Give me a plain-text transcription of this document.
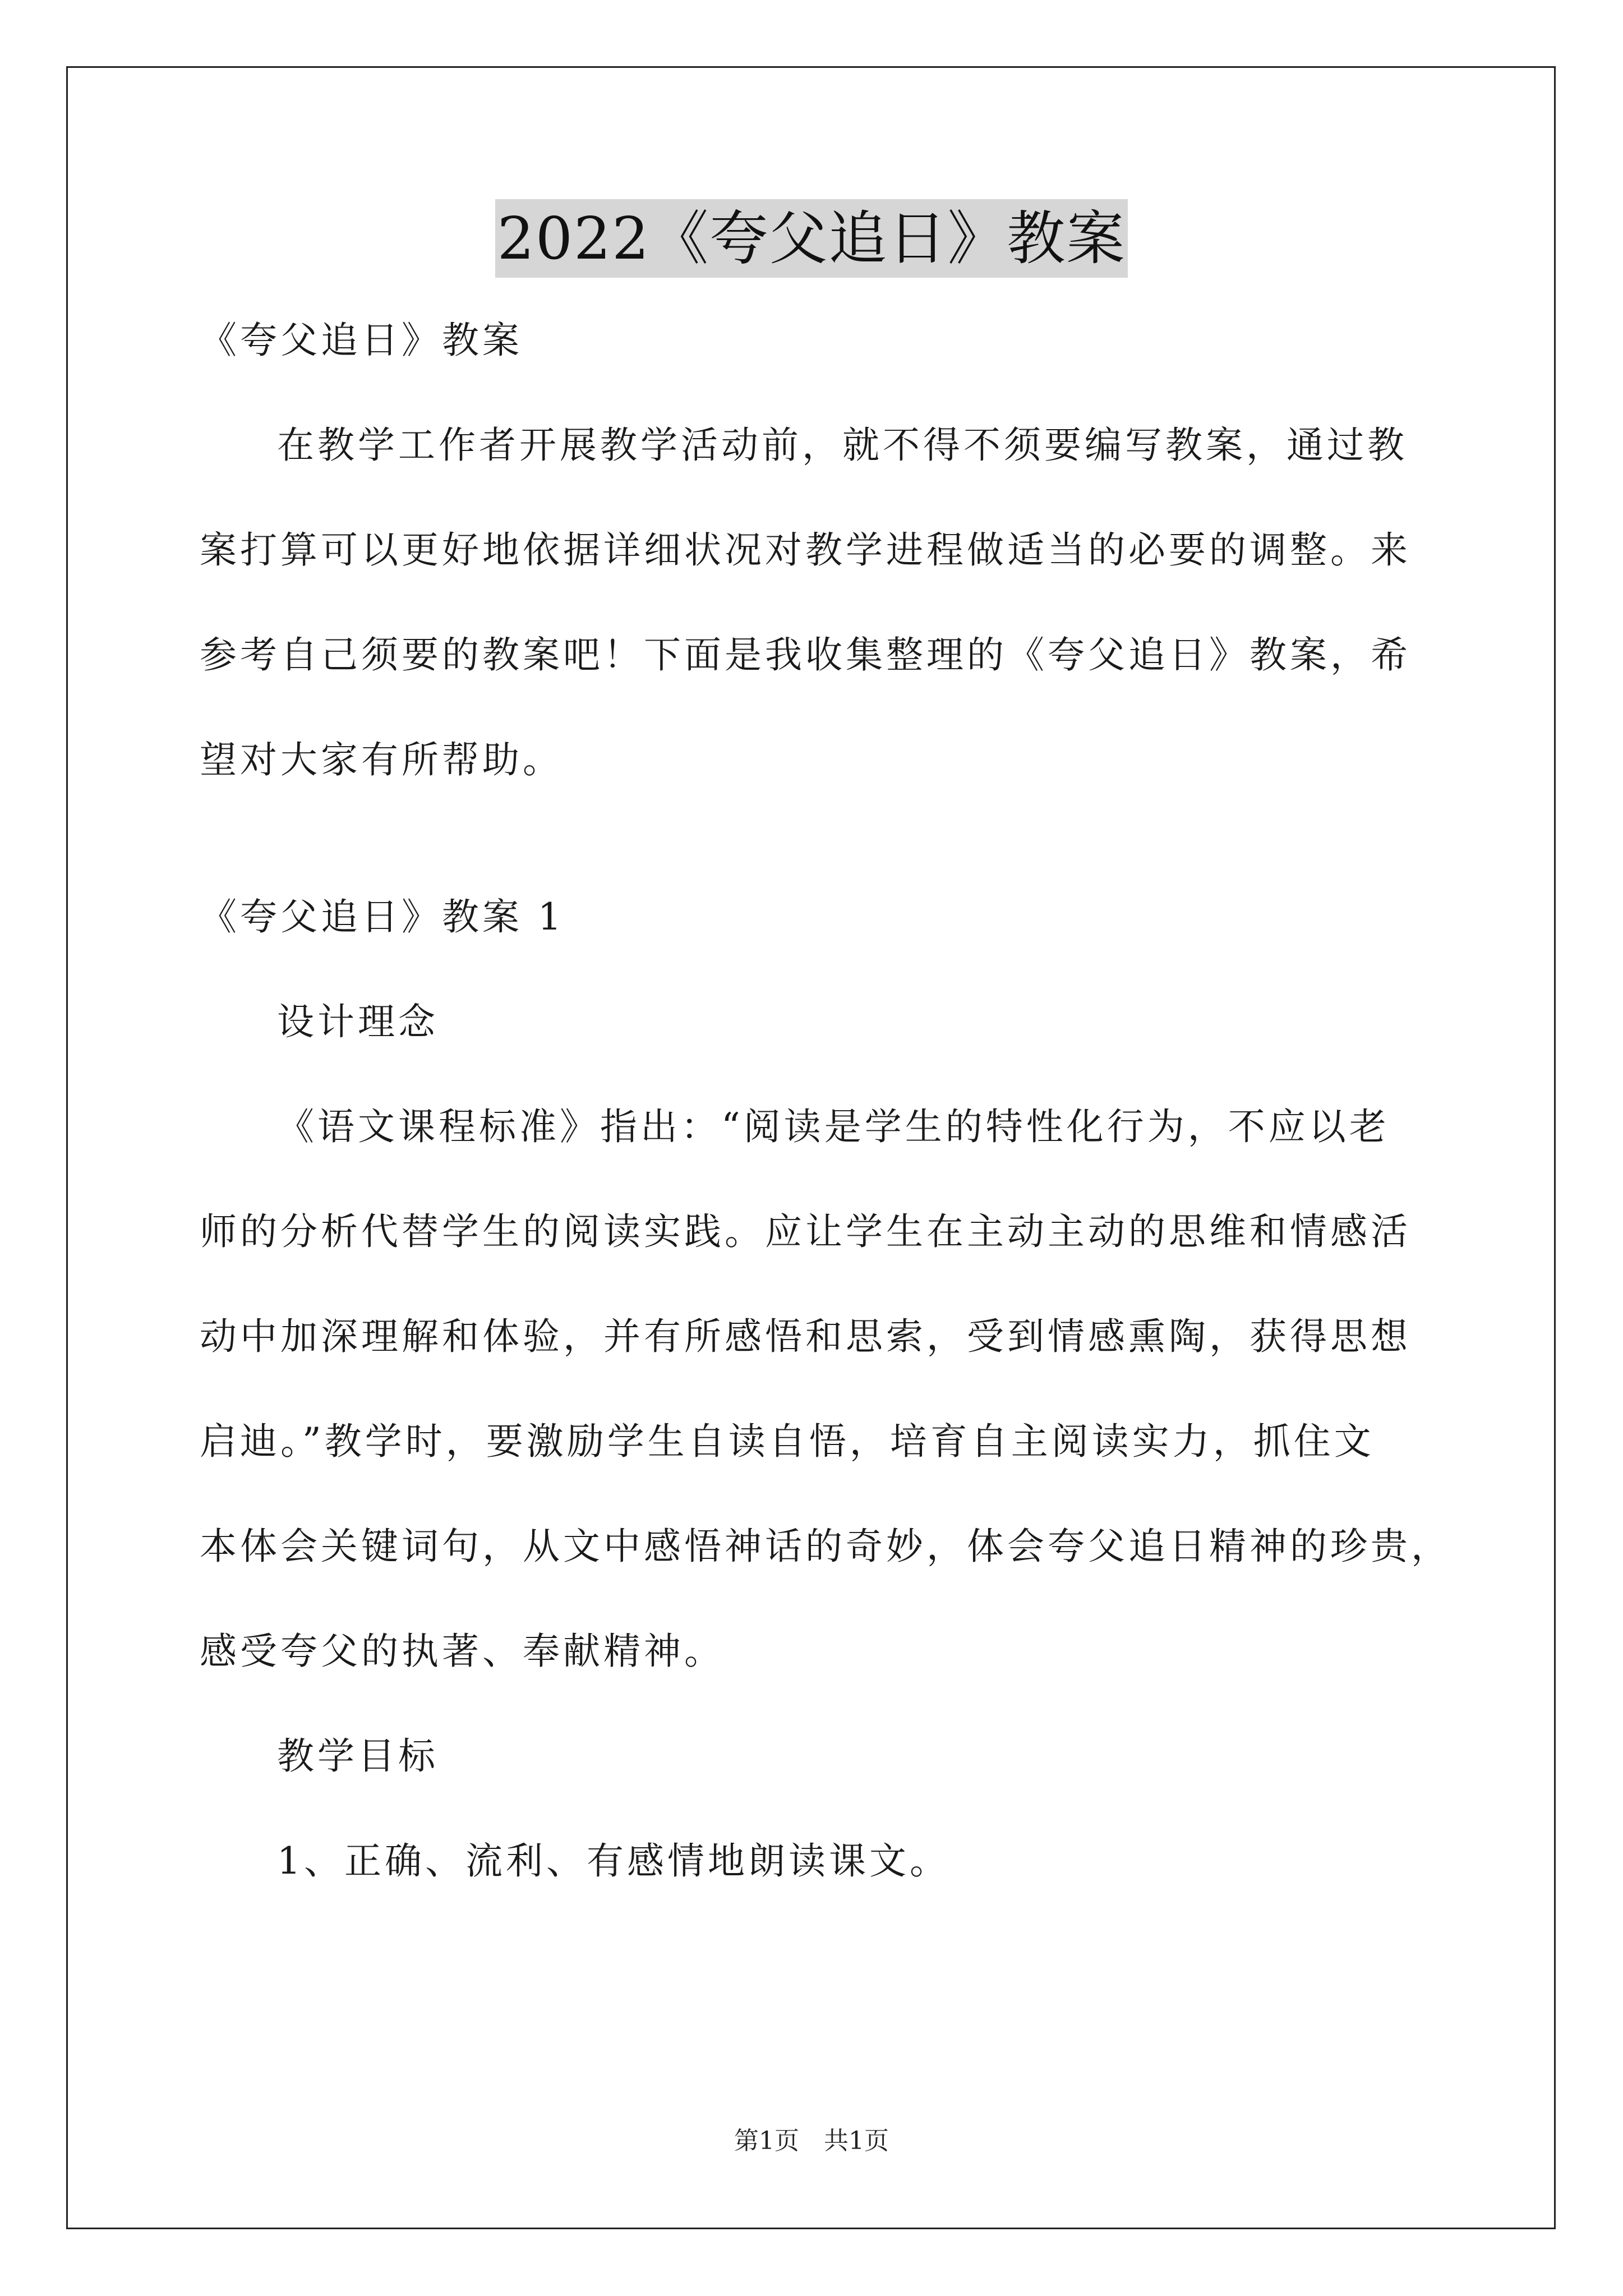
2022《夸父追日》教案

《夸父追日》教案

在教学工作者开展教学活动前，就不得不须要编写教案，通过教

案打算可以更好地依据详细状况对教学进程做适当的必要的调整。来

参考自己须要的教案吧！下面是我收集整理的《夸父追日》教案，希

望对大家有所帮助。

《夸父追日》教案 1

设计理念

《语文课程标准》指出：“阅读是学生的特性化行为，不应以老

师的分析代替学生的阅读实践。应让学生在主动主动的思维和情感活

动中加深理解和体验，并有所感悟和思索，受到情感熏陶，获得思想

启迪。”教学时，要激励学生自读自悟，培育自主阅读实力，抓住文

本体会关键词句，从文中感悟神话的奇妙，体会夸父追日精神的珍贵，

感受夸父的执著、奉献精神。

教学目标

1、正确、流利、有感情地朗读课文。

第1页　共1页
